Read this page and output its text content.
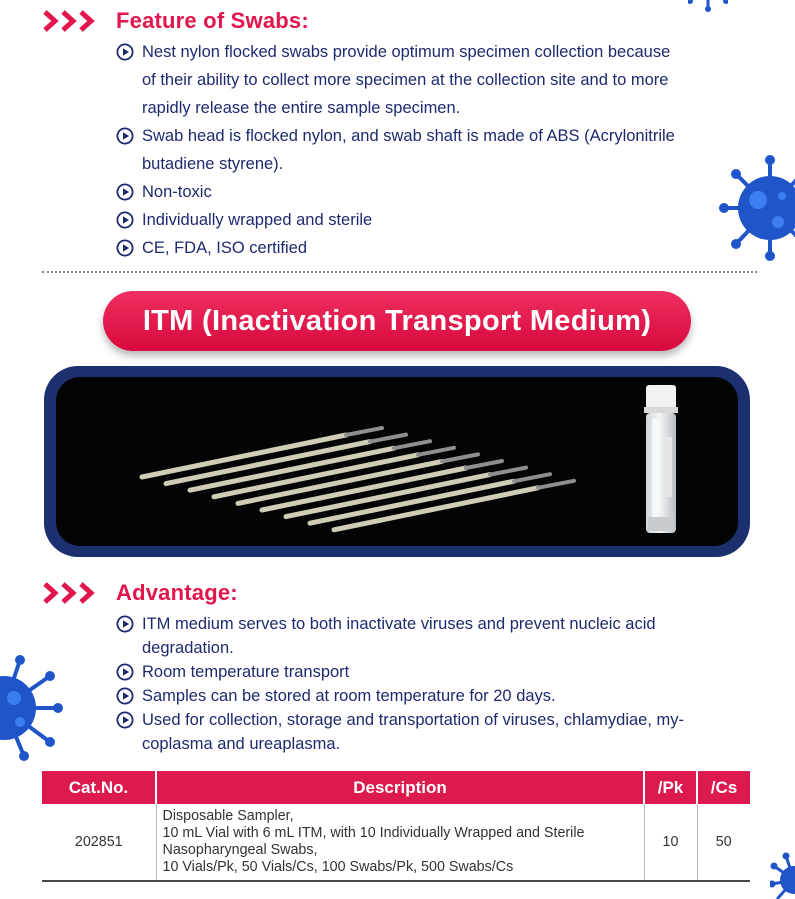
Feature of Swabs:
Nest nylon flocked swabs provide optimum specimen collection because
of their ability to collect more specimen at the collection site and to more
rapidly release the entire sample specimen.
Swab head is flocked nylon, and swab shaft is made of ABS (Acrylonitrile
butadiene styrene).
Non-toxic
Individually wrapped and sterile
CE, FDA, ISO certified
ITM (Inactivation Transport Medium)
Advantage:
ITM medium serves to both inactivate viruses and prevent nucleic acid
degradation.
Room temperature transport
Samples can be stored at room temperature for 20 days.
Used for collection, storage and transportation of viruses, chlamydiae, my-
coplasma and ureaplasma.
Cat.No.	Description	/Pk	/Cs
202851	Disposable Sampler,
10 mL Vial with 6 mL ITM, with 10 Individually Wrapped and Sterile
Nasopharyngeal Swabs,
10 Vials/Pk, 50 Vials/Cs, 100 Swabs/Pk, 500 Swabs/Cs	10	50
